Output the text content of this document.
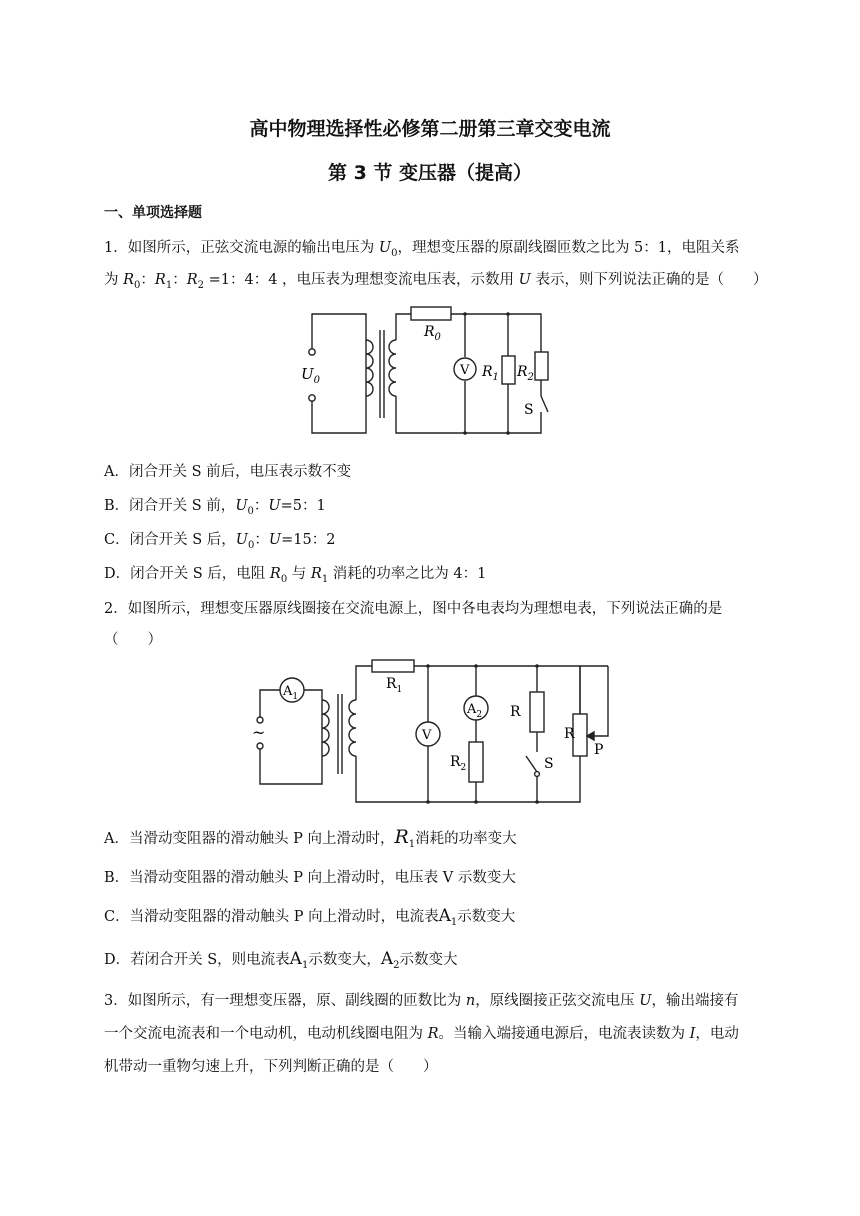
高中物理选择性必修第二册第三章交变电流
第 3 节 变压器（提高）
一、单项选择题
1．如图所示，正弦交流电源的输出电压为 $U_0$，理想变压器的原副线圈匝数之比为 5：1，电阻关系
为 $R_0$：$R_1$：$R_2 =1$：4：4 ，电压表为理想变流电压表，示数用 U 表示，则下列说法正确的是（　　）
$U_0$
$R_0$
V $R_1$ $R_2$
S
A．闭合开关 S 前后，电压表示数不变
B．闭合开关 S 前，$U_0$：U=5：1
C．闭合开关 S 后，$U_0$：U=15：2
D．闭合开关 S 后，电阻 $R_0$ 与 $R_1$ 消耗的功率之比为 4：1
2．如图所示，理想变压器原线圈接在交流电源上，图中各电表均为理想电表，下列说法正确的是
（　　）
$A_1$
$R_1$
~	V
$A_2$ R
$R_2$	S
R
P
A．当滑动变阻器的滑动触头 P 向上滑动时，$R_1$消耗的功率变大
B．当滑动变阻器的滑动触头 P 向上滑动时，电压表 V 示数变大
C．当滑动变阻器的滑动触头 P 向上滑动时，电流表$A_1$示数变大
D．若闭合开关 S，则电流表$A_1$示数变大，$A_2$示数变大
3．如图所示，有一理想变压器，原、副线圈的匝数比为 n，原线圈接正弦交流电压 U，输出端接有
一个交流电流表和一个电动机，电动机线圈电阻为 R。当输入端接通电源后，电流表读数为 I，电动
机带动一重物匀速上升，下列判断正确的是（　　）
